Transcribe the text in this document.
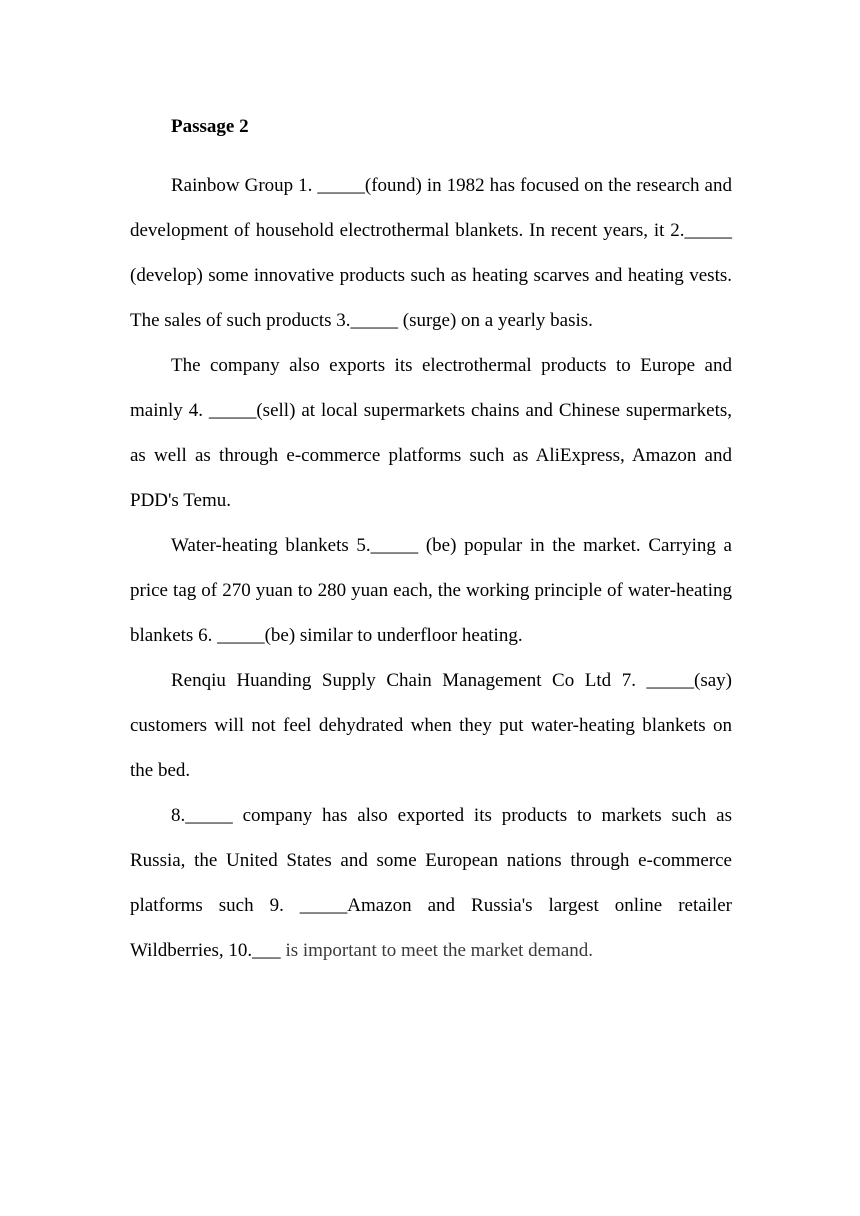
Passage 2

Rainbow Group 1. _____(found) in 1982 has focused on the research and development of household electrothermal blankets. In recent years, it 2._____ (develop) some innovative products such as heating scarves and heating vests. The sales of such products 3._____ (surge) on a yearly basis.

The company also exports its electrothermal products to Europe and mainly 4. _____(sell) at local supermarkets chains and Chinese supermarkets, as well as through e-commerce platforms such as AliExpress, Amazon and PDD's Temu.

Water-heating blankets 5._____ (be) popular in the market. Carrying a price tag of 270 yuan to 280 yuan each, the working principle of water-heating blankets 6. _____(be) similar to underfloor heating.

Renqiu Huanding Supply Chain Management Co Ltd 7. _____(say) customers will not feel dehydrated when they put water-heating blankets on the bed.

8._____ company has also exported its products to markets such as Russia, the United States and some European nations through e-commerce platforms such 9. _____Amazon and Russia's largest online retailer Wildberries, 10.___ is important to meet the market demand.
